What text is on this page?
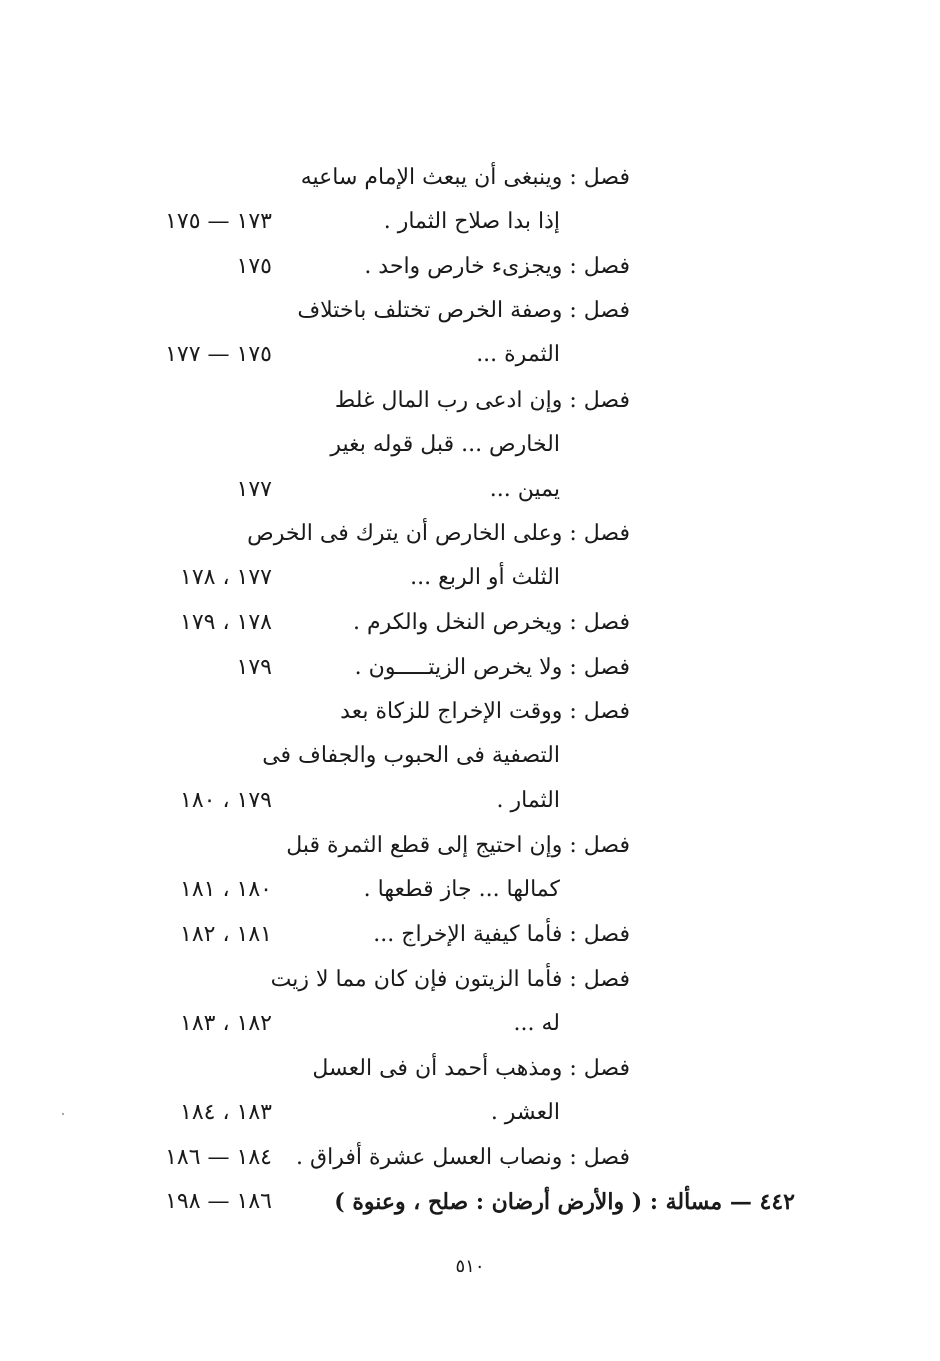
فصل : وينبغى أن يبعث الإمام ساعيه
إذا بدا صلاح الثمار .
١٧٣ — ١٧٥
فصل : ويجزىء خارص واحد .
١٧٥
فصل : وصفة الخرص تختلف باختلاف
الثمرة ...
١٧٥ — ١٧٧
فصل : وإن ادعى رب المال غلط
الخارص ... قبل قوله بغير
يمين ...
١٧٧
فصل : وعلى الخارص أن يترك فى الخرص
الثلث أو الربع ...
١٧٧ ، ١٧٨
فصل : ويخرص النخل والكرم .
١٧٨ ، ١٧٩
فصل : ولا يخرص الزيتـــــون .
١٧٩
فصل : ووقت الإخراج للزكاة بعد
التصفية فى الحبوب والجفاف فى
الثمار .
١٧٩ ، ١٨٠
فصل : وإن احتيج إلى قطع الثمرة قبل
كمالها ... جاز قطعها .
١٨٠ ، ١٨١
فصل : فأما كيفية الإخراج ...
١٨١ ، ١٨٢
فصل : فأما الزيتون فإن كان مما لا زيت
له ...
١٨٢ ، ١٨٣
فصل : ومذهب أحمد أن فى العسل
العشر .
١٨٣ ، ١٨٤
فصل : ونصاب العسل عشرة أفراق .
١٨٤ — ١٨٦
٤٤٢ — مسألة : ( والأرض أرضان : صلح ، وعنوة )
١٨٦ — ١٩٨
٥١٠
